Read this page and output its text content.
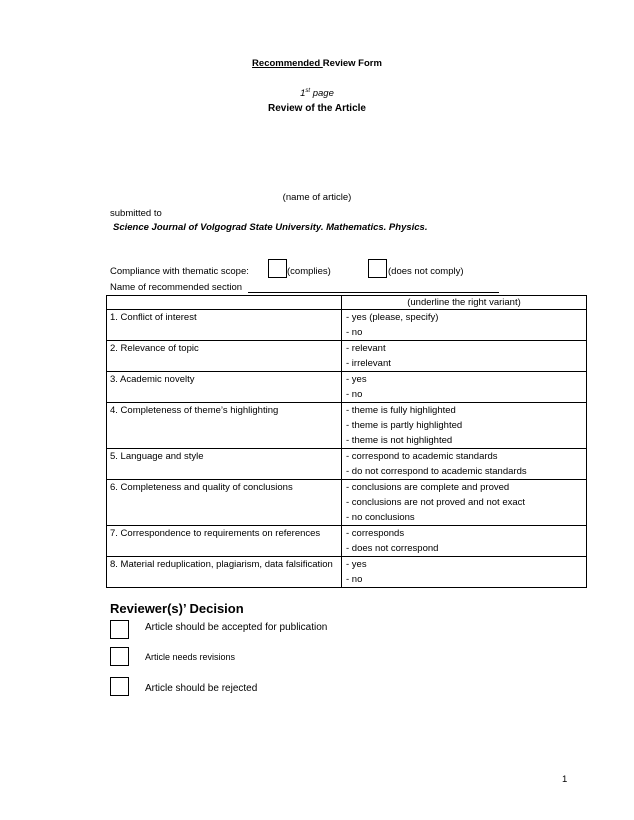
Recommended Review Form
1st page
Review of the Article
(name of article)
submitted to
Science Journal of Volgograd State University. Mathematics. Physics.
Compliance with thematic scope:	(complies)	(does not comply)
Name of recommended section
	(underline the right variant)
1. Conflict of interest	- yes (please, specify)
- no

2. Relevance of topic	- relevant
- irrelevant

3. Academic novelty	- yes
- no

4. Completeness of theme’s highlighting	- theme is fully highlighted
- theme is partly highlighted
- theme is not highlighted

5. Language and style	- correspond to academic standards
- do not correspond to academic standards

6. Completeness and quality of conclusions	- conclusions are complete and proved
- conclusions are not proved and not exact
- no conclusions

7. Correspondence to requirements on references	- corresponds
- does not correspond

8. Material reduplication, plagiarism, data falsification	- yes
- no
Reviewer(s)’ Decision
Article should be accepted for publication
Article needs revisions
Article should be rejected
1
